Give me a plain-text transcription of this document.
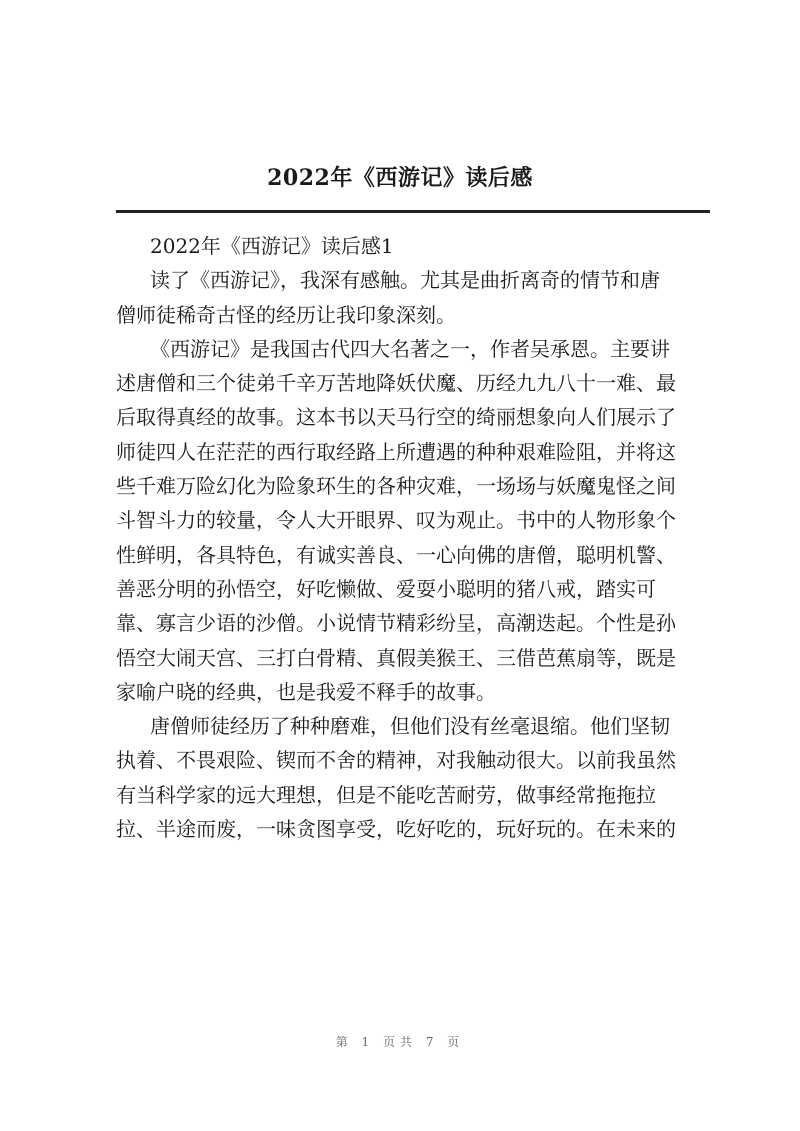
2022年《西游记》读后感
2022年《西游记》读后感1
读了《西游记》，我深有感触。尤其是曲折离奇的情节和唐
僧师徒稀奇古怪的经历让我印象深刻。
《西游记》是我国古代四大名著之一，作者吴承恩。主要讲
述唐僧和三个徒弟千辛万苦地降妖伏魔、历经九九八十一难、最
后取得真经的故事。这本书以天马行空的绮丽想象向人们展示了
师徒四人在茫茫的西行取经路上所遭遇的种种艰难险阻，并将这
些千难万险幻化为险象环生的各种灾难，一场场与妖魔鬼怪之间
斗智斗力的较量，令人大开眼界、叹为观止。书中的人物形象个
性鲜明，各具特色，有诚实善良、一心向佛的唐僧，聪明机警、
善恶分明的孙悟空，好吃懒做、爱耍小聪明的猪八戒，踏实可
靠、寡言少语的沙僧。小说情节精彩纷呈，高潮迭起。个性是孙
悟空大闹天宫、三打白骨精、真假美猴王、三借芭蕉扇等，既是
家喻户晓的经典，也是我爱不释手的故事。
唐僧师徒经历了种种磨难，但他们没有丝毫退缩。他们坚韧
执着、不畏艰险、锲而不舍的精神，对我触动很大。以前我虽然
有当科学家的远大理想，但是不能吃苦耐劳，做事经常拖拖拉
拉、半途而废，一味贪图享受，吃好吃的，玩好玩的。在未来的
第 1 页共 7 页
